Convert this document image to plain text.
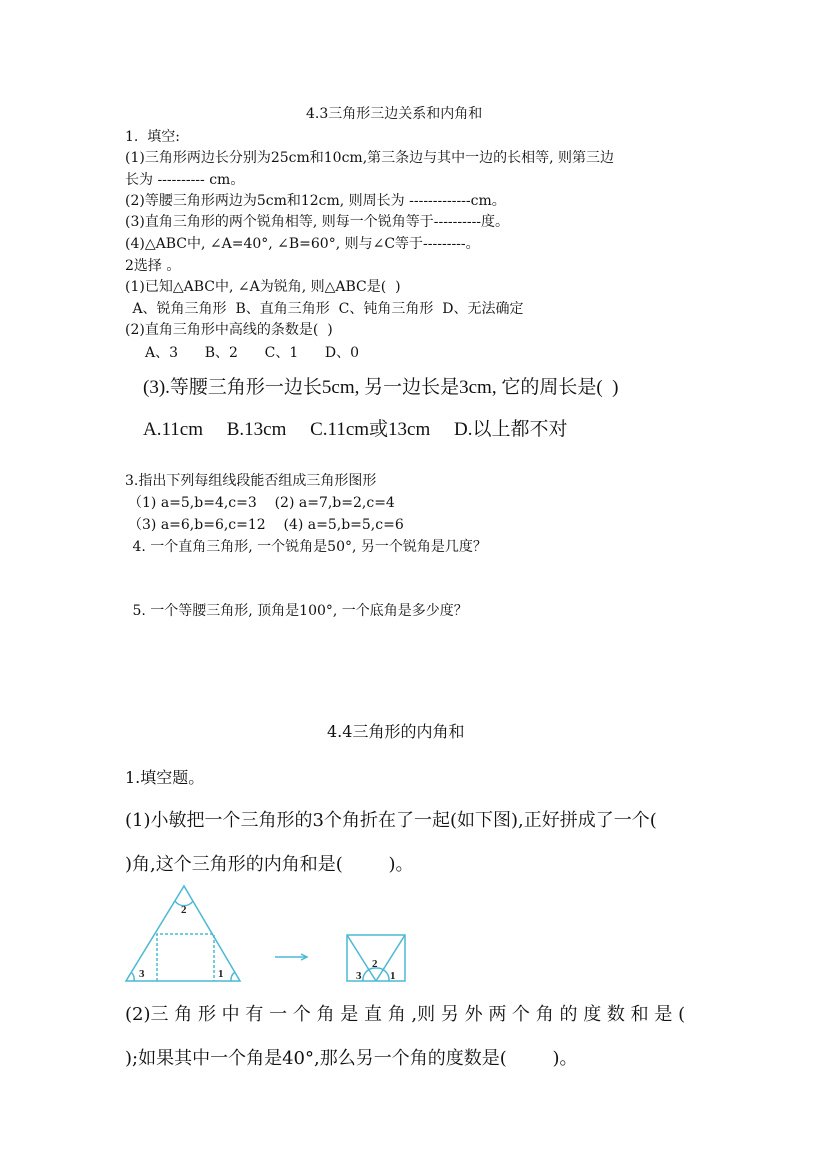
4.3三角形三边关系和内角和
1.  填空:
(1)三角形两边长分别为25cm和10cm,第三条边与其中一边的长相等, 则第三边
长为 ---------- cm。
(2)等腰三角形两边为5cm和12cm, 则周长为 -------------cm。
(3)直角三角形的两个锐角相等, 则每一个锐角等于----------度。
(4)△ABC中, ∠A=40°, ∠B=60°, 则与∠C等于---------。
2选择 。
(1)已知△ABC中, ∠A为锐角, 则△ABC是(  )
A、锐角三角形  B、直角三角形  C、钝角三角形  D、无法确定
(2)直角三角形中高线的条数是(  )
A、3      B、2      C、1      D、0
(3).等腰三角形一边长5cm, 另一边长是3cm, 它的周长是(  )
A.11cm     B.13cm     C.11cm或13cm     D.以上都不对
3.指出下列每组线段能否组成三角形图形
（1) a=5,b=4,c=3    (2) a=7,b=2,c=4
（3) a=6,b=6,c=12    (4) a=5,b=5,c=6
4. 一个直角三角形, 一个锐角是50°, 另一个锐角是几度？
5. 一个等腰三角形, 顶角是100°, 一个底角是多少度？
4.4三角形的内角和
1.填空题。
(1)小敏把一个三角形的3个角折在了一起(如下图),正好拼成了一个(
)角,这个三角形的内角和是(        )。
2
3	1	3
2
1
(2)三 角 形 中 有 一 个 角 是 直 角 ,则 另 外 两 个 角 的 度 数 和 是 (
);如果其中一个角是40°,那么另一个角的度数是(        )。
